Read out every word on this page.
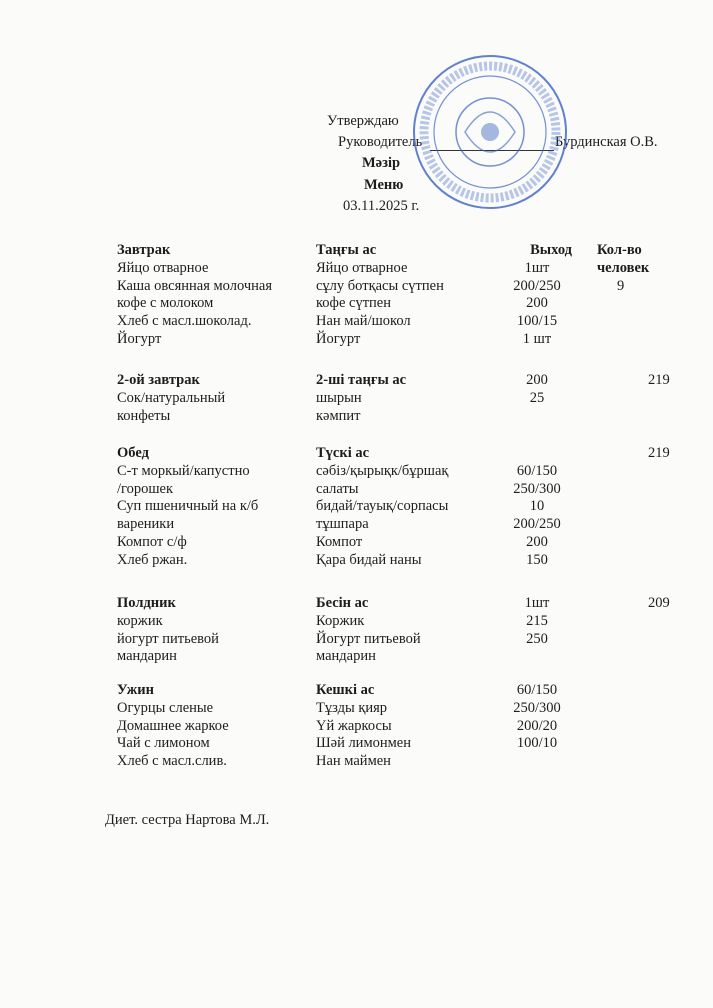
Утверждаю
Руководитель	Бурдинская О.В.
Мәзір
Меню
03.11.2025 г.
Завтрак
Яйцо отварное
Каша овсянная молочная
кофе с молоком
Хлеб с масл.шоколад.
Йогурт
Таңғы ас
Яйцо отварное
сұлу ботқасы сүтпен
кофе сүтпен
Нан май/шокол
Йогурт
Выход
1шт
200/250
200
100/15
1 шт
Кол-во
человек
9
2-ой завтрак
Сок/натуральный
конфеты
2-ші таңғы ас
шырын
кәмпит
200
25
219
Обед
С-т моркый/капустно
/горошек
Суп пшеничный на к/б
вареники
Компот с/ф
Хлеб ржан.
Түскі ас
сәбіз/қырықк/бұршақ
салаты
бидай/тауық/сорпасы
тұшпара
Компот
Қара бидай наны
60/150
250/300
10
200/250
200
150
219
Полдник
коржик
йогурт питьевой
мандарин
Бесін ас
Коржик
Йогурт питьевой
мандарин
1шт
215
250
209
Ужин
Огурцы сленые
Домашнее жаркое
Чай с лимоном
Хлеб с масл.слив.
Кешкі ас
Тұзды қияр
Үй жаркосы
Шәй лимонмен
Нан маймен
60/150
250/300
200/20
100/10
Диет. сестра Нартова М.Л.
